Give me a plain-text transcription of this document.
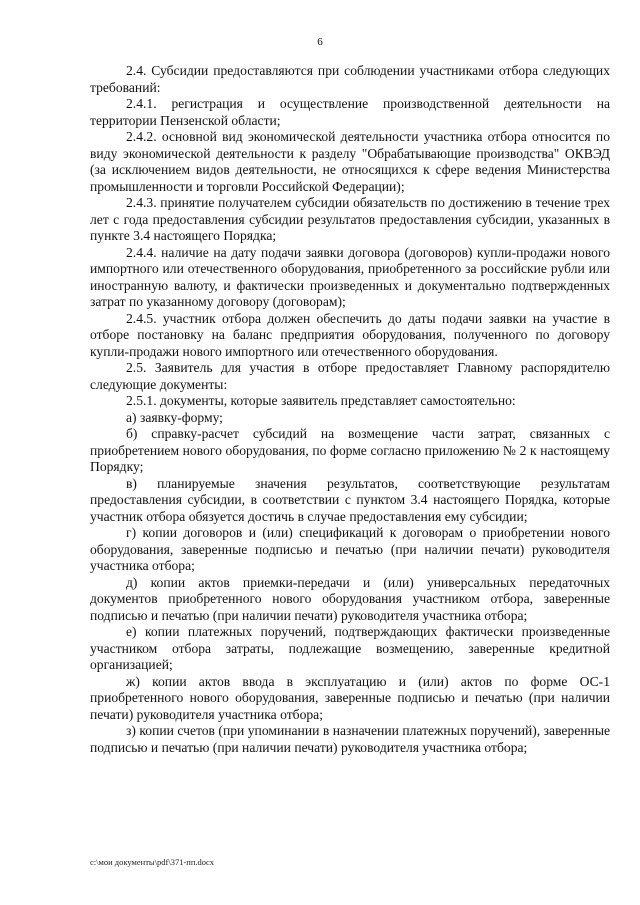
6

2.4. Субсидии предоставляются при соблюдении участниками отбора следующих требований:

2.4.1. регистрация и осуществление производственной деятельности на территории Пензенской области;

2.4.2. основной вид экономической деятельности участника отбора относится по виду экономической деятельности к разделу "Обрабатывающие производства" ОКВЭД (за исключением видов деятельности, не относящихся к сфере ведения Министерства промышленности и торговли Российской Федерации);

2.4.3. принятие получателем субсидии обязательств по достижению в течение трех лет с года предоставления субсидии результатов предоставления субсидии, указанных в пункте 3.4 настоящего Порядка;

2.4.4. наличие на дату подачи заявки договора (договоров) купли-продажи нового импортного или отечественного оборудования, приобретенного за российские рубли или иностранную валюту, и фактически произведенных и документально подтвержденных затрат по указанному договору (договорам);

2.4.5. участник отбора должен обеспечить до даты подачи заявки на участие в отборе постановку на баланс предприятия оборудования, полученного по договору купли-продажи нового импортного или отечественного оборудования.

2.5. Заявитель для участия в отборе предоставляет Главному распорядителю следующие документы:

2.5.1. документы, которые заявитель представляет самостоятельно:

а) заявку-форму;

б) справку-расчет субсидий на возмещение части затрат, связанных с приобретением нового оборудования, по форме согласно приложению № 2 к настоящему Порядку;

в) планируемые значения результатов, соответствующие результатам предоставления субсидии, в соответствии с пунктом 3.4 настоящего Порядка, которые участник отбора обязуется достичь в случае предоставления ему субсидии;

г) копии договоров и (или) спецификаций к договорам о приобретении нового оборудования, заверенные подписью и печатью (при наличии печати) руководителя участника отбора;

д) копии актов приемки-передачи и (или) универсальных передаточных документов приобретенного нового оборудования участником отбора, заверенные подписью и печатью (при наличии печати) руководителя участника отбора;

е) копии платежных поручений, подтверждающих фактически произведенные участником отбора затраты, подлежащие возмещению, заверенные кредитной организацией;

ж) копии актов ввода в эксплуатацию и (или) актов по форме ОС-1 приобретенного нового оборудования, заверенные подписью и печатью (при наличии печати) руководителя участника отбора;

з) копии счетов (при упоминании в назначении платежных поручений), заверенные подписью и печатью (при наличии печати) руководителя участника отбора;

c:\мои документы\pdf\371-пп.docx
